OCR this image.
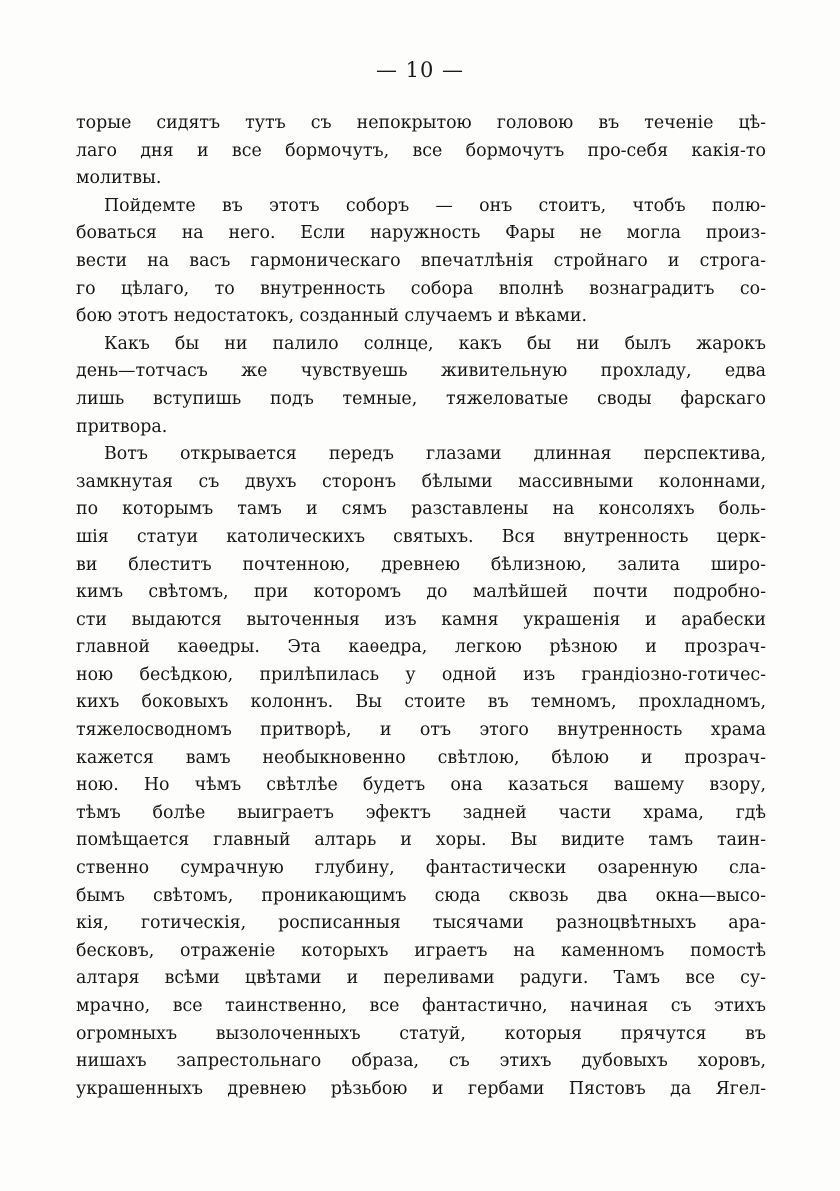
— 10 —
торые сидятъ тутъ съ непокрытою головою въ теченіе цѣ-
лаго дня и все бормочутъ, все бормочутъ про-себя какія-то
молитвы.
Пойдемте въ этотъ соборъ — онъ стоитъ, чтобъ полю-
боваться на него. Если наружность Фары не могла произ-
вести на васъ гармоническаго впечатлѣнія стройнаго и строга-
го цѣлаго, то внутренность собора вполнѣ вознаградитъ со-
бою этотъ недостатокъ, созданный случаемъ и вѣками.
Какъ бы ни палило солнце, какъ бы ни былъ жарокъ
день—тотчасъ же чувствуешь живительную прохладу, едва
лишь вступишь подъ темные, тяжеловатые своды фарскаго
притвора.
Вотъ открывается передъ глазами длинная перспектива,
замкнутая съ двухъ сторонъ бѣлыми массивными колоннами,
по которымъ тамъ и сямъ разставлены на консоляхъ боль-
шія статуи католическихъ святыхъ. Вся внутренность церк-
ви блеститъ почтенною, древнею бѣлизною, залита широ-
кимъ свѣтомъ, при которомъ до малѣйшей почти подробно-
сти выдаются выточенныя изъ камня украшенія и арабески
главной каѳедры. Эта каѳедра, легкою рѣзною и прозрач-
ною бесѣдкою, прилѣпилась у одной изъ грандіозно-готичес-
кихъ боковыхъ колоннъ. Вы стоите въ темномъ, прохладномъ,
тяжелосводномъ притворѣ, и отъ этого внутренность храма
кажется вамъ необыкновенно свѣтлою, бѣлою и прозрач-
ною. Но чѣмъ свѣтлѣе будетъ она казаться вашему взору,
тѣмъ болѣе выиграетъ эфектъ задней части храма, гдѣ
помѣщается главный алтарь и хоры. Вы видите тамъ таин-
ственно сумрачную глубину, фантастически озаренную сла-
бымъ свѣтомъ, проникающимъ сюда сквозь два окна—высо-
кія, готическія, росписанныя тысячами разноцвѣтныхъ ара-
бесковъ, отраженіе которыхъ играетъ на каменномъ помостѣ
алтаря всѣми цвѣтами и переливами радуги. Тамъ все су-
мрачно, все таинственно, все фантастично, начиная съ этихъ
огромныхъ вызолоченныхъ статуй, которыя прячутся въ
нишахъ запрестольнаго образа, съ этихъ дубовыхъ хоровъ,
украшенныхъ древнею рѣзьбою и гербами Пястовъ да Ягел-
